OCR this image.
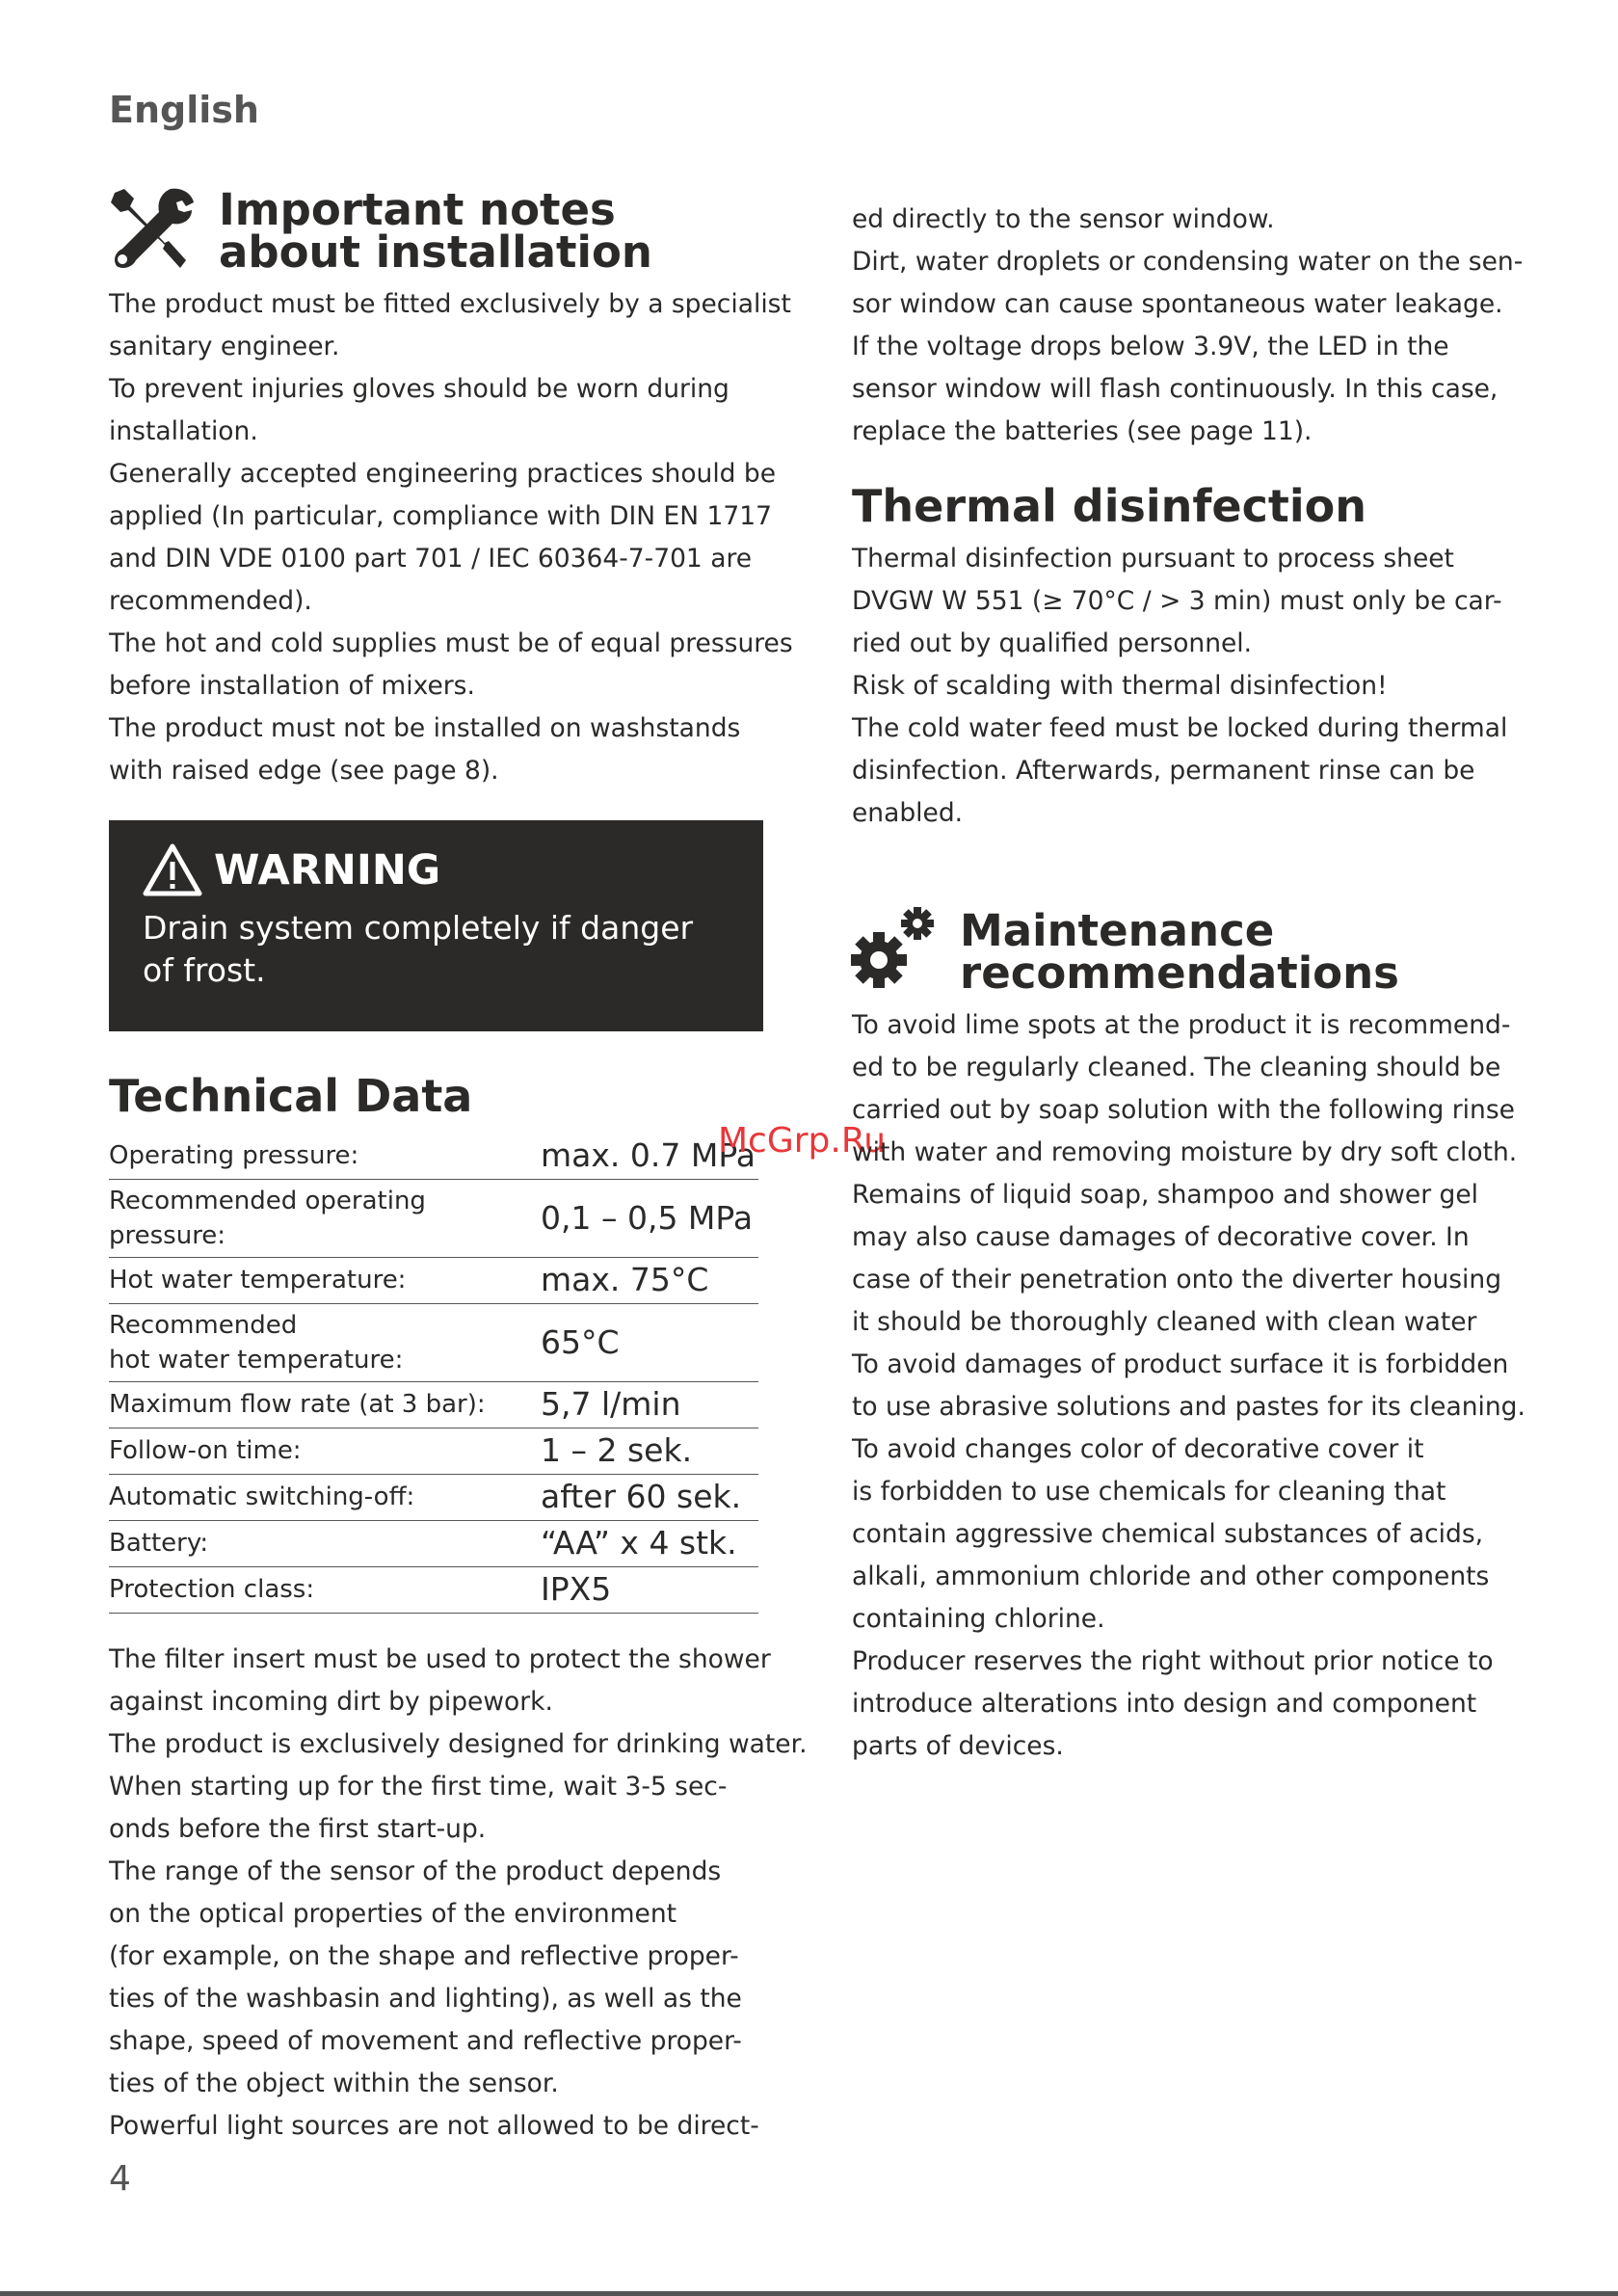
English

Important notes

about installation

The product must be fitted exclusively by a specialist

sanitary engineer.

To prevent injuries gloves should be worn during

installation.

Generally accepted engineering practices should be

applied (In particular, compliance with DIN EN 1717

and DIN VDE 0100 part 701 / IEC 60364-7-701 are

recommended).

The hot and cold supplies must be of equal pressures

before installation of mixers.

The product must not be installed on washstands

with raised edge (see page 8).

WARNING
Drain system completely if danger
of frost.
Technical Data
Operating pressure:	max. 0.7 MPa

Recommended operating
pressure:	0,1 – 0,5 MPa
Hot water temperature:	max. 75°C

Recommended
hot water temperature:	65°C
Maximum flow rate (at 3 bar):	5,7 l/min
Follow-on time:	1 – 2 sek.
Automatic switching-off:	after 60 sek.
Battery:	“AA” x 4 stk.
Protection class:	IPX5
McGrp.Ru

The filter insert must be used to protect the shower

against incoming dirt by pipework.

The product is exclusively designed for drinking water.

When starting up for the first time, wait 3-5 sec-

onds before the first start-up.

The range of the sensor of the product depends

on the optical properties of the environment

(for example, on the shape and reflective proper-

ties of the washbasin and lighting), as well as the

shape, speed of movement and reflective proper-

ties of the object within the sensor.

Powerful light sources are not allowed to be direct-

ed directly to the sensor window.

Dirt, water droplets or condensing water on the sen-

sor window can cause spontaneous water leakage.

If the voltage drops below 3.9V, the LED in the

sensor window will flash continuously. In this case,

replace the batteries (see page 11).

Thermal disinfection

Thermal disinfection pursuant to process sheet

DVGW W 551 (≥ 70°C / > 3 min) must only be car-

ried out by qualified personnel.

Risk of scalding with thermal disinfection!

The cold water feed must be locked during thermal

disinfection. Afterwards, permanent rinse can be

enabled.

Maintenance

recommendations

To avoid lime spots at the product it is recommend-

ed to be regularly cleaned. The cleaning should be

carried out by soap solution with the following rinse

with water and removing moisture by dry soft cloth.

Remains of liquid soap, shampoo and shower gel

may also cause damages of decorative cover. In

case of their penetration onto the diverter housing

it should be thoroughly cleaned with clean water

To avoid damages of product surface it is forbidden

to use abrasive solutions and pastes for its cleaning.

To avoid changes color of decorative cover it

is forbidden to use chemicals for cleaning that

contain aggressive chemical substances of acids,

alkali, ammonium chloride and other components

containing chlorine.

Producer reserves the right without prior notice to

introduce alterations into design and component

parts of devices.

4
